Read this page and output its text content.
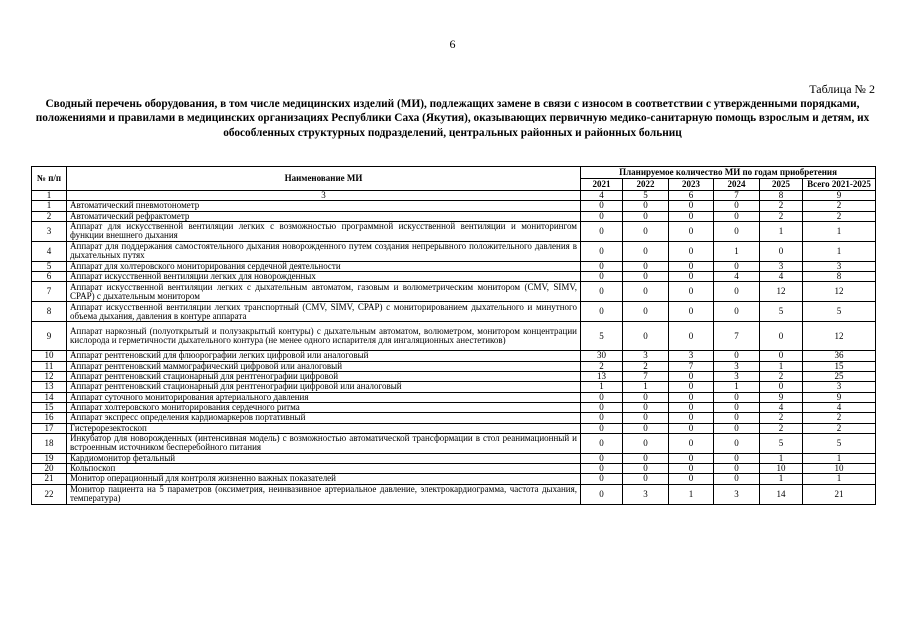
6
Таблица № 2
Сводный перечень оборудования, в том числе медицинских изделий (МИ), подлежащих замене в связи с износом в соответствии с утвержденными порядками, положениями и правилами в медицинских организациях Республики Саха (Якутия), оказывающих первичную медико-санитарную помощь взрослым и детям, их обособленных структурных подразделений, центральных районных и районных больниц
№ п/п	Наименование МИ	Планируемое количество МИ по годам приобретения					
		2021	2022	2023	2024	2025	Всего 2021-2025
1	3	4	5	6	7	8	9
1	Автоматический пневмотонометр	0	0	0	0	2	2
2	Автоматический рефрактометр	0	0	0	0	2	2
3	Аппарат для искусственной вентиляции легких с возможностью программной искусственной вентиляции и мониторингом функции внешнего дыхания	0	0	0	0	1	1
4	Аппарат для поддержания самостоятельного дыхания новорожденного путем создания непрерывного положительного давления в дыхательных путях	0	0	0	1	0	1
5	Аппарат для холтеровского мониторирования сердечной деятельности	0	0	0	0	3	3
6	Аппарат искусственной вентиляции легких для новорожденных	0	0	0	4	4	8
7	Аппарат искусственной вентиляции легких с дыхательным автоматом, газовым и волюметрическим монитором (CMV, SIMV, CPAP) с дыхательным монитором	0	0	0	0	12	12
8	Аппарат искусственной вентиляции легких транспортный (CMV, SIMV, CPAP) с мониторированием дыхательного и минутного объема дыхания, давления в контуре аппарата	0	0	0	0	5	5
9	Аппарат наркозный (полуоткрытый и полузакрытый контуры) с дыхательным автоматом, волюметром, монитором концентрации кислорода и герметичности дыхательного контура (не менее одного испарителя для ингаляционных анестетиков)	5	0	0	7	0	12
10	Аппарат рентгеновский для флюорографии легких цифровой или аналоговый	30	3	3	0	0	36
11	Аппарат рентгеновский маммографический цифровой или аналоговый	2	2	7	3	1	15
12	Аппарат рентгеновский стационарный для рентгенографии цифровой	13	7	0	3	2	25
13	Аппарат рентгеновский стационарный для рентгенографии цифровой или аналоговый	1	1	0	1	0	3
14	Аппарат суточного мониторирования артериального давления	0	0	0	0	9	9
15	Аппарат холтеровского мониторирования сердечного ритма	0	0	0	0	4	4
16	Аппарат экспресс определения кардиомаркеров портативный	0	0	0	0	2	2
17	Гистерорезектоскоп	0	0	0	0	2	2
18	Инкубатор для новорожденных (интенсивная модель) с возможностью автоматической трансформации в стол реанимационный и встроенным источником бесперебойного питания	0	0	0	0	5	5
19	Кардиомонитор фетальный	0	0	0	0	1	1
20	Кольпоскоп	0	0	0	0	10	10
21	Монитор операционный для контроля жизненно важных показателей	0	0	0	0	1	1
22	Монитор пациента на 5 параметров (оксиметрия, неинвазивное артериальное давление, электрокардиограмма, частота дыхания, температура)	0	3	1	3	14	21
